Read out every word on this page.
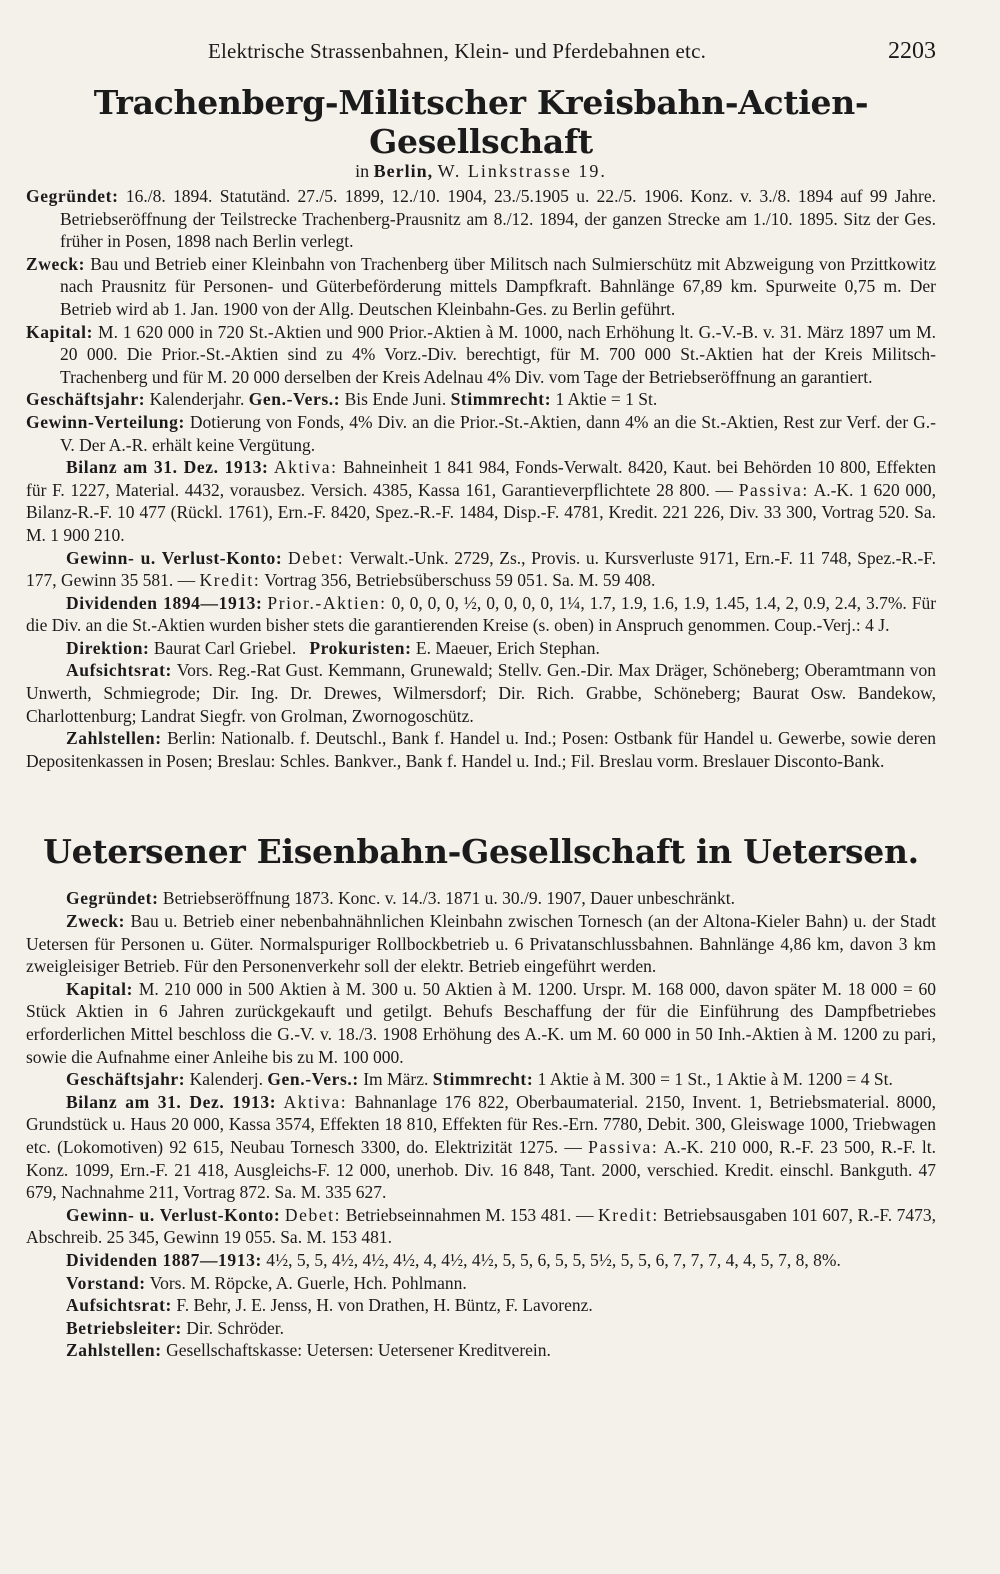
Elektrische Strassenbahnen, Klein- und Pferdebahnen etc.	2203
Trachenberg-Militscher Kreisbahn-Actien-Gesellschaft

in Berlin, W. Linkstrasse 19.

Gegründet: 16./8. 1894. Statutänd. 27./5. 1899, 12./10. 1904, 23./5.1905 u. 22./5. 1906. Konz. v. 3./8. 1894 auf 99 Jahre. Betriebseröffnung der Teilstrecke Trachenberg-Prausnitz am 8./12. 1894, der ganzen Strecke am 1./10. 1895. Sitz der Ges. früher in Posen, 1898 nach Berlin verlegt.

Zweck: Bau und Betrieb einer Kleinbahn von Trachenberg über Militsch nach Sulmierschütz mit Abzweigung von Przittkowitz nach Prausnitz für Personen- und Güterbeförderung mittels Dampfkraft. Bahnlänge 67,89 km. Spurweite 0,75 m. Der Betrieb wird ab 1. Jan. 1900 von der Allg. Deutschen Kleinbahn-Ges. zu Berlin geführt.

Kapital: M. 1 620 000 in 720 St.-Aktien und 900 Prior.-Aktien à M. 1000, nach Erhöhung lt. G.-V.-B. v. 31. März 1897 um M. 20 000. Die Prior.-St.-Aktien sind zu 4% Vorz.-Div. berechtigt, für M. 700 000 St.-Aktien hat der Kreis Militsch-Trachenberg und für M. 20 000 derselben der Kreis Adelnau 4% Div. vom Tage der Betriebseröffnung an garantiert.

Geschäftsjahr: Kalenderjahr. Gen.-Vers.: Bis Ende Juni. Stimmrecht: 1 Aktie = 1 St.

Gewinn-Verteilung: Dotierung von Fonds, 4% Div. an die Prior.-St.-Aktien, dann 4% an die St.-Aktien, Rest zur Verf. der G.-V. Der A.-R. erhält keine Vergütung.

Bilanz am 31. Dez. 1913: Aktiva: Bahneinheit 1 841 984, Fonds-Verwalt. 8420, Kaut. bei Behörden 10 800, Effekten für F. 1227, Material. 4432, vorausbez. Versich. 4385, Kassa 161, Garantieverpflichtete 28 800. — Passiva: A.-K. 1 620 000, Bilanz-R.-F. 10 477 (Rückl. 1761), Ern.-F. 8420, Spez.-R.-F. 1484, Disp.-F. 4781, Kredit. 221 226, Div. 33 300, Vortrag 520. Sa. M. 1 900 210.

Gewinn- u. Verlust-Konto: Debet: Verwalt.-Unk. 2729, Zs., Provis. u. Kursverluste 9171, Ern.-F. 11 748, Spez.-R.-F. 177, Gewinn 35 581. — Kredit: Vortrag 356, Betriebsüberschuss 59 051. Sa. M. 59 408.

Dividenden 1894—1913: Prior.-Aktien: 0, 0, 0, 0, ½, 0, 0, 0, 0, 1¼, 1.7, 1.9, 1.6, 1.9, 1.45, 1.4, 2, 0.9, 2.4, 3.7%. Für die Div. an die St.-Aktien wurden bisher stets die garantierenden Kreise (s. oben) in Anspruch genommen. Coup.-Verj.: 4 J.

Direktion: Baurat Carl Griebel. Prokuristen: E. Maeuer, Erich Stephan.

Aufsichtsrat: Vors. Reg.-Rat Gust. Kemmann, Grunewald; Stellv. Gen.-Dir. Max Dräger, Schöneberg; Oberamtmann von Unwerth, Schmiegrode; Dir. Ing. Dr. Drewes, Wilmersdorf; Dir. Rich. Grabbe, Schöneberg; Baurat Osw. Bandekow, Charlottenburg; Landrat Siegfr. von Grolman, Zwornogoschütz.

Zahlstellen: Berlin: Nationalb. f. Deutschl., Bank f. Handel u. Ind.; Posen: Ostbank für Handel u. Gewerbe, sowie deren Depositenkassen in Posen; Breslau: Schles. Bankver., Bank f. Handel u. Ind.; Fil. Breslau vorm. Breslauer Disconto-Bank.

Uetersener Eisenbahn-Gesellschaft in Uetersen.

Gegründet: Betriebseröffnung 1873. Konc. v. 14./3. 1871 u. 30./9. 1907, Dauer unbeschränkt.

Zweck: Bau u. Betrieb einer nebenbahnähnlichen Kleinbahn zwischen Tornesch (an der Altona-Kieler Bahn) u. der Stadt Uetersen für Personen u. Güter. Normalspuriger Rollbockbetrieb u. 6 Privatanschlussbahnen. Bahnlänge 4,86 km, davon 3 km zweigleisiger Betrieb. Für den Personenverkehr soll der elektr. Betrieb eingeführt werden.

Kapital: M. 210 000 in 500 Aktien à M. 300 u. 50 Aktien à M. 1200. Urspr. M. 168 000, davon später M. 18 000 = 60 Stück Aktien in 6 Jahren zurückgekauft und getilgt. Behufs Beschaffung der für die Einführung des Dampfbetriebes erforderlichen Mittel beschloss die G.-V. v. 18./3. 1908 Erhöhung des A.-K. um M. 60 000 in 50 Inh.-Aktien à M. 1200 zu pari, sowie die Aufnahme einer Anleihe bis zu M. 100 000.

Geschäftsjahr: Kalenderj. Gen.-Vers.: Im März. Stimmrecht: 1 Aktie à M. 300 = 1 St., 1 Aktie à M. 1200 = 4 St.

Bilanz am 31. Dez. 1913: Aktiva: Bahnanlage 176 822, Oberbaumaterial. 2150, Invent. 1, Betriebsmaterial. 8000, Grundstück u. Haus 20 000, Kassa 3574, Effekten 18 810, Effekten für Res.-Ern. 7780, Debit. 300, Gleiswage 1000, Triebwagen etc. (Lokomotiven) 92 615, Neubau Tornesch 3300, do. Elektrizität 1275. — Passiva: A.-K. 210 000, R.-F. 23 500, R.-F. lt. Konz. 1099, Ern.-F. 21 418, Ausgleichs-F. 12 000, unerhob. Div. 16 848, Tant. 2000, verschied. Kredit. einschl. Bankguth. 47 679, Nachnahme 211, Vortrag 872. Sa. M. 335 627.

Gewinn- u. Verlust-Konto: Debet: Betriebseinnahmen M. 153 481. — Kredit: Betriebsausgaben 101 607, R.-F. 7473, Abschreib. 25 345, Gewinn 19 055. Sa. M. 153 481.

Dividenden 1887—1913: 4½, 5, 5, 4½, 4½, 4½, 4, 4½, 4½, 5, 5, 6, 5, 5, 5½, 5, 5, 6, 7, 7, 7, 4, 4, 5, 7, 8, 8%.

Vorstand: Vors. M. Röpcke, A. Guerle, Hch. Pohlmann.

Aufsichtsrat: F. Behr, J. E. Jenss, H. von Drathen, H. Büntz, F. Lavorenz.

Betriebsleiter: Dir. Schröder.

Zahlstellen: Gesellschaftskasse: Uetersen: Uetersener Kreditverein.
